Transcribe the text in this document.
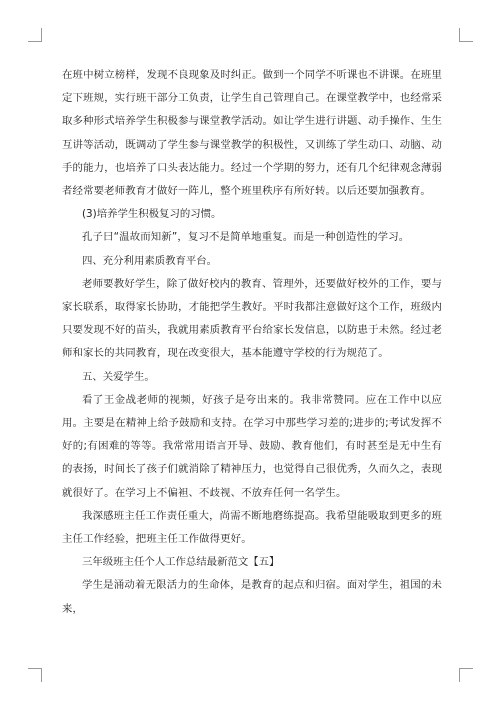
在班中树立榜样，发现不良现象及时纠正。做到一个同学不听课也不讲课。在班里定下班规，实行班干部分工负责，让学生自己管理自己。在课堂教学中，也经常采取多种形式培养学生积极参与课堂教学活动。如让学生进行讲题、动手操作、生生互讲等活动，既调动了学生参与课堂教学的积极性，又训练了学生动口、动脑、动手的能力，也培养了口头表达能力。经过一个学期的努力，还有几个纪律观念薄弱者经常要老师教育才做好一阵儿，整个班里秩序有所好转。以后还要加强教育。

(3)培养学生积极复习的习惯。

孔子曰“温故而知新”，复习不是简单地重复。而是一种创造性的学习。

四、充分利用素质教育平台。

老师要教好学生，除了做好校内的教育、管理外，还要做好校外的工作，要与家长联系，取得家长协助，才能把学生教好。平时我都注意做好这个工作，班级内只要发现不好的苗头，我就用素质教育平台给家长发信息，以防患于未然。经过老师和家长的共同教育，现在改变很大，基本能遵守学校的行为规范了。

五、关爱学生。

看了王金战老师的视频，好孩子是夸出来的。我非常赞同。应在工作中以应用。主要是在精神上给予鼓励和支持。在学习中那些学习差的;进步的;考试发挥不好的;有困难的等等。我常常用语言开导、鼓励、教育他们，有时甚至是无中生有的表扬，时间长了孩子们就消除了精神压力，也觉得自己很优秀，久而久之，表现就很好了。在学习上不偏袒、不歧视、不放弃任何一名学生。

我深感班主任工作责任重大，尚需不断地磨练提高。我希望能吸取到更多的班主任工作经验，把班主任工作做得更好。

三年级班主任个人工作总结最新范文【五】

学生是涌动着无限活力的生命体，是教育的起点和归宿。面对学生，祖国的未来，
